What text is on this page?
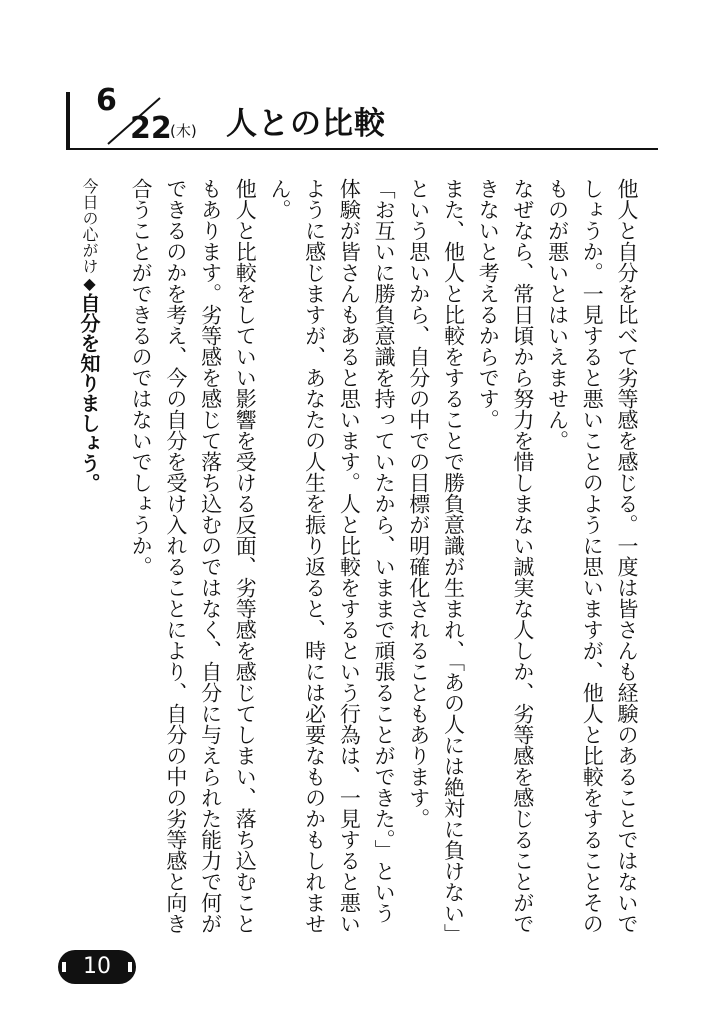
6
22
(木) 人との比較

他人と自分を比べて劣等感を感じる。一度は皆さんも経験のあることではないでしょうか。一見すると悪いことのように思いますが、他人と比較をすることそのものが悪いとはいえません。

なぜなら、常日頃から努力を惜しまない誠実な人しか、劣等感を感じることができないと考えるからです。

また、他人と比較をすることで勝負意識が生まれ、「あの人には絶対に負けない」という思いから、自分の中での目標が明確化されることもあります。

「お互いに勝負意識を持っていたから、いままで頑張ることができた。」という体験が皆さんもあると思います。人と比較をするという行為は、一見すると悪いように感じますが、あなたの人生を振り返ると、時には必要なものかもしれません。

他人と比較をしていい影響を受ける反面、劣等感を感じてしまい、落ち込むこともあります。劣等感を感じて落ち込むのではなく、自分に与えられた能力で何ができるのかを考え、今の自分を受け入れることにより、自分の中の劣等感と向き合うことができるのではないでしょうか。

今日の心がけ◆自分を知りましょう。
10
